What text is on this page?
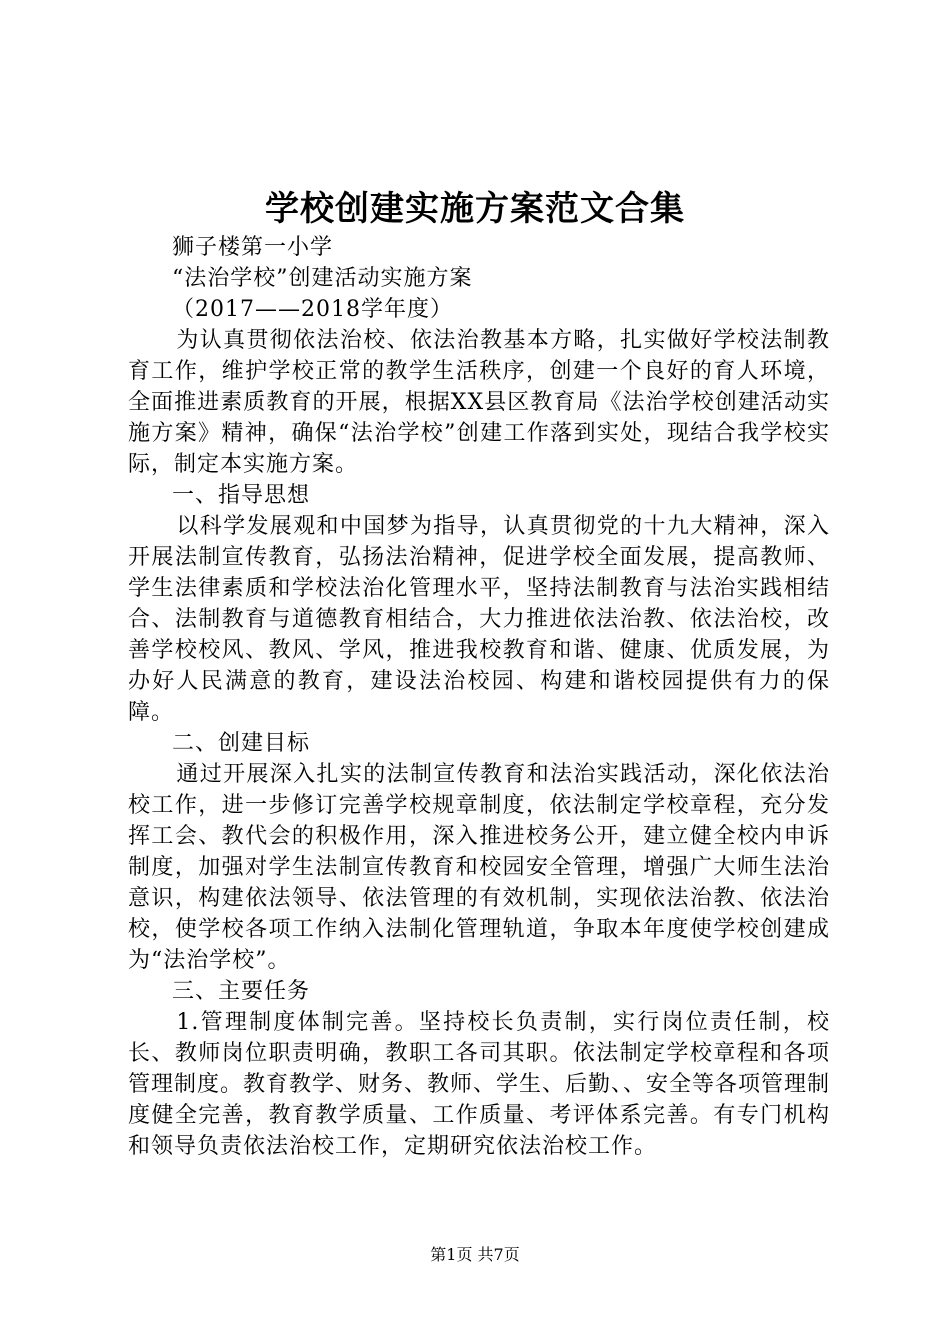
学校创建实施方案范文合集

狮子楼第一小学

“法治学校”创建活动实施方案

（2017——2018学年度）

为认真贯彻依法治校、依法治教基本方略，扎实做好学校法制教育工作，维护学校正常的教学生活秩序，创建一个良好的育人环境，全面推进素质教育的开展，根据XX县区教育局《法治学校创建活动实施方案》精神，确保“法治学校”创建工作落到实处，现结合我学校实际，制定本实施方案。

一、指导思想

以科学发展观和中国梦为指导，认真贯彻党的十九大精神，深入开展法制宣传教育，弘扬法治精神，促进学校全面发展，提高教师、学生法律素质和学校法治化管理水平，坚持法制教育与法治实践相结合、法制教育与道德教育相结合，大力推进依法治教、依法治校，改善学校校风、教风、学风，推进我校教育和谐、健康、优质发展，为办好人民满意的教育，建设法治校园、构建和谐校园提供有力的保障。

二、创建目标

通过开展深入扎实的法制宣传教育和法治实践活动，深化依法治校工作，进一步修订完善学校规章制度，依法制定学校章程，充分发挥工会、教代会的积极作用，深入推进校务公开，建立健全校内申诉制度，加强对学生法制宣传教育和校园安全管理，增强广大师生法治意识，构建依法领导、依法管理的有效机制，实现依法治教、依法治校，使学校各项工作纳入法制化管理轨道，争取本年度使学校创建成为“法治学校”。

三、主要任务

1.管理制度体制完善。坚持校长负责制，实行岗位责任制，校长、教师岗位职责明确，教职工各司其职。依法制定学校章程和各项管理制度。教育教学、财务、教师、学生、后勤、、安全等各项管理制度健全完善，教育教学质量、工作质量、考评体系完善。有专门机构和领导负责依法治校工作，定期研究依法治校工作。

第1页 共7页
